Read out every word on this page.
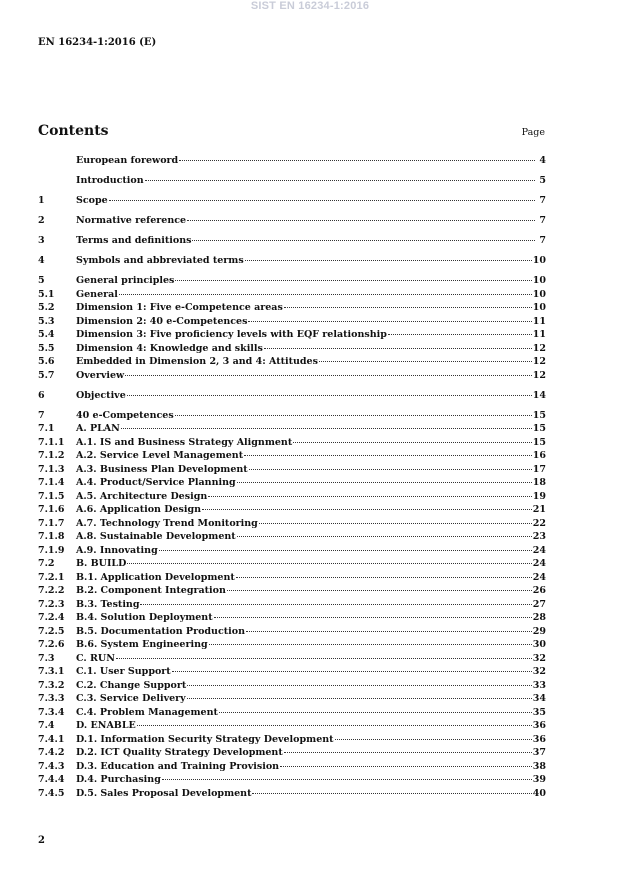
SIST EN 16234-1:2016
EN 16234-1:2016 (E)
Contents	Page
European foreword	4
Introduction	5
1	Scope	7
2	Normative reference	7
3	Terms and definitions	7
4	Symbols and abbreviated terms	10
5	General principles	10
5.1	General	10
5.2	Dimension 1: Five e-Competence areas	10
5.3	Dimension 2: 40 e-Competences	11
5.4	Dimension 3: Five proficiency levels with EQF relationship	11
5.5	Dimension 4: Knowledge and skills	12
5.6	Embedded in Dimension 2, 3 and 4: Attitudes	12
5.7	Overview	12
6	Objective	14
7	40 e-Competences	15
7.1	A. PLAN	15
7.1.1	A.1. IS and Business Strategy Alignment	15
7.1.2	A.2. Service Level Management	16
7.1.3	A.3. Business Plan Development	17
7.1.4	A.4. Product/Service Planning	18
7.1.5	A.5. Architecture Design	19
7.1.6	A.6. Application Design	21
7.1.7	A.7. Technology Trend Monitoring	22
7.1.8	A.8. Sustainable Development	23
7.1.9	A.9. Innovating	24
7.2	B. BUILD	24
7.2.1	B.1. Application Development	24
7.2.2	B.2. Component Integration	26
7.2.3	B.3. Testing	27
7.2.4	B.4. Solution Deployment	28
7.2.5	B.5. Documentation Production	29
7.2.6	B.6. System Engineering	30
7.3	C. RUN	32
7.3.1	C.1. User Support	32
7.3.2	C.2. Change Support	33
7.3.3	C.3. Service Delivery	34
7.3.4	C.4. Problem Management	35
7.4	D. ENABLE	36
7.4.1	D.1. Information Security Strategy Development	36
7.4.2	D.2. ICT Quality Strategy Development	37
7.4.3	D.3. Education and Training Provision	38
7.4.4	D.4. Purchasing	39
7.4.5	D.5. Sales Proposal Development	40
2
